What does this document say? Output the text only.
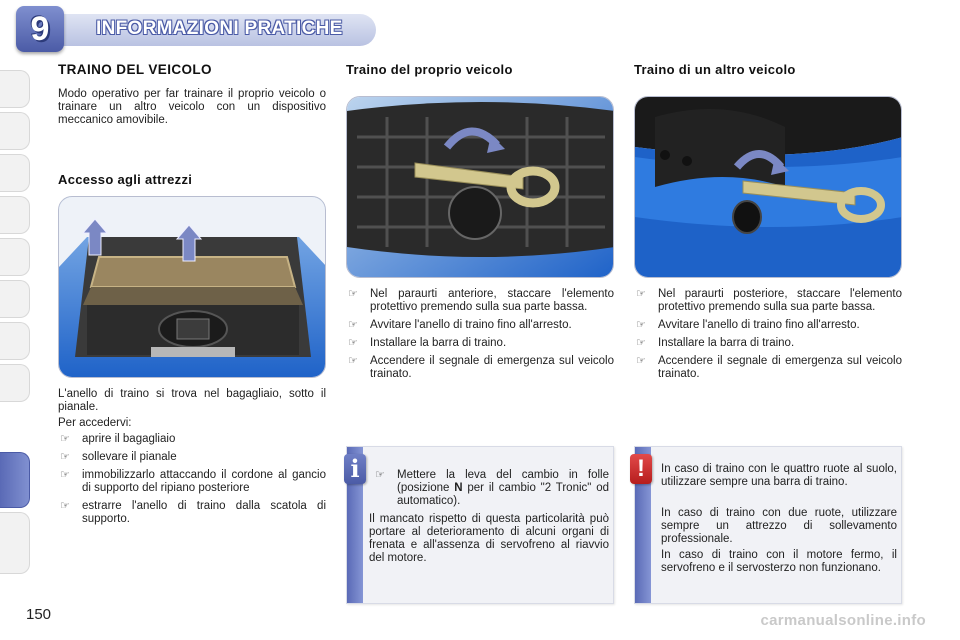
9	INFORMAZIONI PRATICHE
TRAINO DEL VEICOLO
Modo operativo per far trainare il proprio veicolo o trainare un altro veicolo con un dispositivo meccanico amovibile.
Accesso agli attrezzi
L'anello di traino si trova nel bagagliaio, sotto il pianale.
Per accedervi:
☞ aprire il bagagliaio
☞ sollevare il pianale
☞ immobilizzarlo attaccando il cordone al gancio di supporto del ripiano posteriore
☞ estrarre l'anello di traino dalla scatola di supporto.
Traino del proprio veicolo
☞ Nel paraurti anteriore, staccare l'elemento protettivo premendo sulla sua parte bassa.
☞ Avvitare l'anello di traino fino all'arresto.
☞ Installare la barra di traino.
☞ Accendere il segnale di emergenza sul veicolo trainato.
Traino di un altro veicolo
☞ Nel paraurti posteriore, staccare l'elemento protettivo premendo sulla sua parte bassa.
☞ Avvitare l'anello di traino fino all'arresto.
☞ Installare la barra di traino.
☞ Accendere il segnale di emergenza sul veicolo trainato.
☞ Mettere la leva del cambio in folle (posizione N per il cambio "2 Tronic" od automatico).
Il mancato rispetto di questa particolarità può portare al deterioramento di alcuni organi di frenata e all'assenza di servofreno al riavvio del motore.
i	In caso di traino con le quattro ruote al suolo, utilizzare sempre una barra di traino.
In caso di traino con due ruote, utilizzare sempre un attrezzo di sollevamento professionale.
In caso di traino con il motore fermo, il servofreno e il servosterzo non funzionano.
!
150	carmanualsonline.info
